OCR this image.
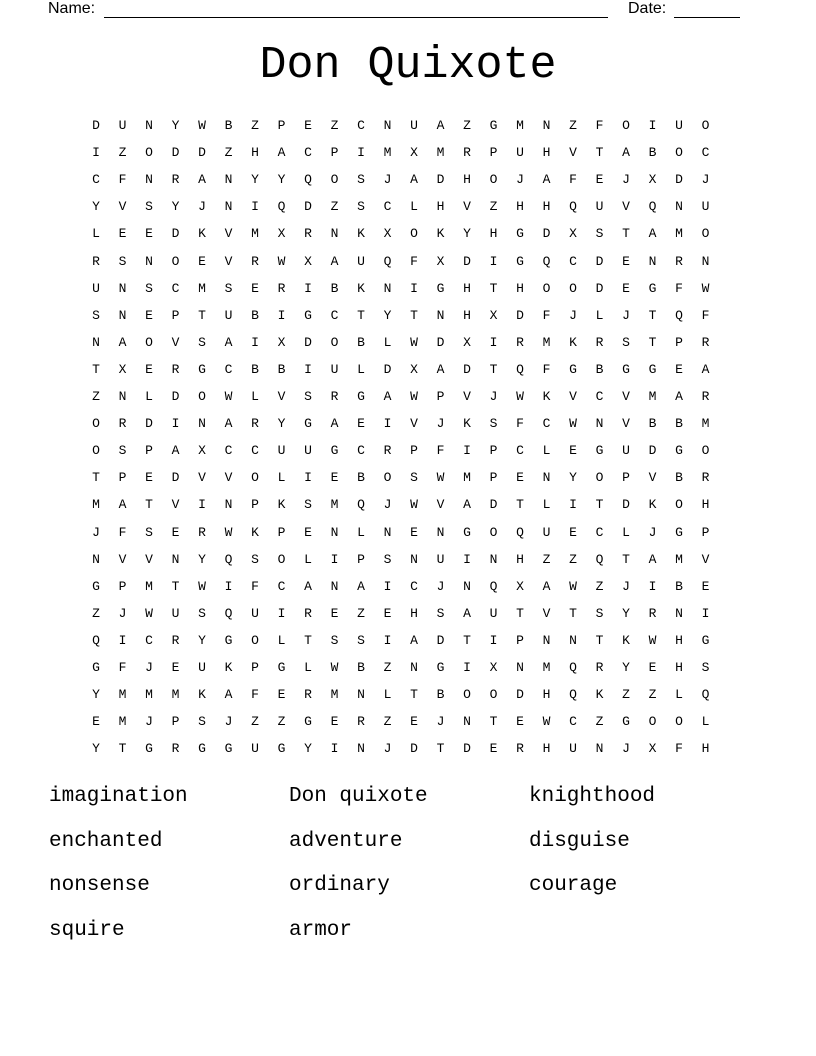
Name:	Date:
Don Quixote
D	U	N	Y	W	B	Z	P	E	Z	C	N	U	A	Z	G	M	N	Z	F	O	I	U	O
I	Z	O	D	D	Z	H	A	C	P	I	M	X	M	R	P	U	H	V	T	A	B	O	C
C	F	N	R	A	N	Y	Y	Q	O	S	J	A	D	H	O	J	A	F	E	J	X	D	J
Y	V	S	Y	J	N	I	Q	D	Z	S	C	L	H	V	Z	H	H	Q	U	V	Q	N	U
L	E	E	D	K	V	M	X	R	N	K	X	O	K	Y	H	G	D	X	S	T	A	M	O
R	S	N	O	E	V	R	W	X	A	U	Q	F	X	D	I	G	Q	C	D	E	N	R	N
U	N	S	C	M	S	E	R	I	B	K	N	I	G	H	T	H	O	O	D	E	G	F	W
S	N	E	P	T	U	B	I	G	C	T	Y	T	N	H	X	D	F	J	L	J	T	Q	F
N	A	O	V	S	A	I	X	D	O	B	L	W	D	X	I	R	M	K	R	S	T	P	R
T	X	E	R	G	C	B	B	I	U	L	D	X	A	D	T	Q	F	G	B	G	G	E	A
Z	N	L	D	O	W	L	V	S	R	G	A	W	P	V	J	W	K	V	C	V	M	A	R
O	R	D	I	N	A	R	Y	G	A	E	I	V	J	K	S	F	C	W	N	V	B	B	M
O	S	P	A	X	C	C	U	U	G	C	R	P	F	I	P	C	L	E	G	U	D	G	O
T	P	E	D	V	V	O	L	I	E	B	O	S	W	M	P	E	N	Y	O	P	V	B	R
M	A	T	V	I	N	P	K	S	M	Q	J	W	V	A	D	T	L	I	T	D	K	O	H
J	F	S	E	R	W	K	P	E	N	L	N	E	N	G	O	Q	U	E	C	L	J	G	P
N	V	V	N	Y	Q	S	O	L	I	P	S	N	U	I	N	H	Z	Z	Q	T	A	M	V
G	P	M	T	W	I	F	C	A	N	A	I	C	J	N	Q	X	A	W	Z	J	I	B	E
Z	J	W	U	S	Q	U	I	R	E	Z	E	H	S	A	U	T	V	T	S	Y	R	N	I
Q	I	C	R	Y	G	O	L	T	S	S	I	A	D	T	I	P	N	N	T	K	W	H	G
G	F	J	E	U	K	P	G	L	W	B	Z	N	G	I	X	N	M	Q	R	Y	E	H	S
Y	M	M	M	K	A	F	E	R	M	N	L	T	B	O	O	D	H	Q	K	Z	Z	L	Q
E	M	J	P	S	J	Z	Z	G	E	R	Z	E	J	N	T	E	W	C	Z	G	O	O	L
Y	T	G	R	G	G	U	G	Y	I	N	J	D	T	D	E	R	H	U	N	J	X	F	H
imagination	Don quixote	knighthood
enchanted	adventure	disguise
nonsense	ordinary	courage
squire	armor
